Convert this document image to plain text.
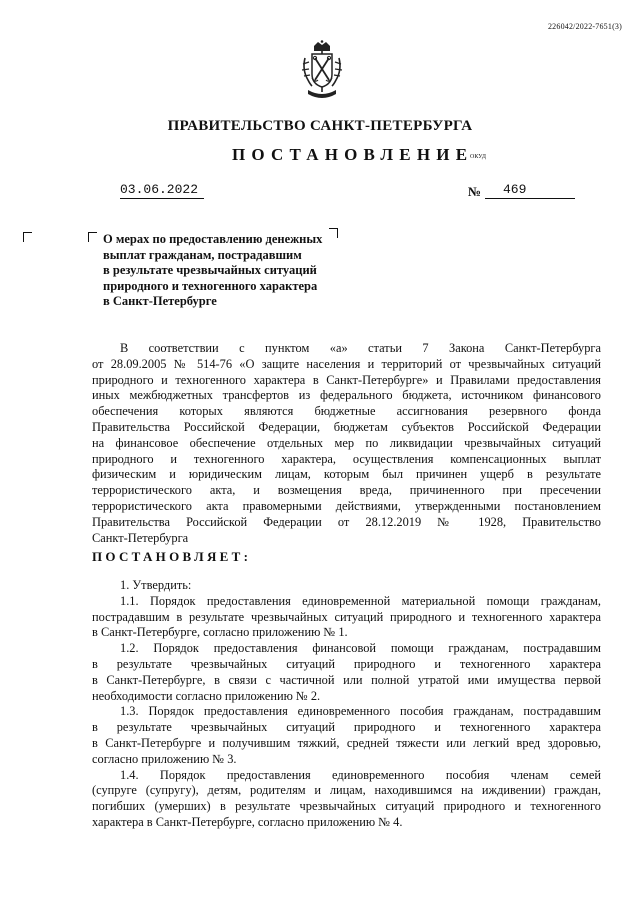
226042/2022-7651(3)
ПРАВИТЕЛЬСТВО САНКТ-ПЕТЕРБУРГА
ПОСТАНОВЛЕНИЕ
ОКУД
03.06.2022	№	469
О мерах по предоставлению денежных
выплат гражданам, пострадавшим
в результате чрезвычайных ситуаций
природного и техногенного характера
в Санкт-Петербурге
В соответствии с пунктом «а» статьи 7 Закона Санкт-Петербурга
от 28.09.2005 № 514-76 «О защите населения и территорий от чрезвычайных ситуаций
природного и техногенного характера в Санкт-Петербурге» и Правилами предоставления
иных межбюджетных трансфертов из федерального бюджета, источником финансового
обеспечения которых являются бюджетные ассигнования резервного фонда
Правительства Российской Федерации, бюджетам субъектов Российской Федерации
на финансовое обеспечение отдельных мер по ликвидации чрезвычайных ситуаций
природного и техногенного характера, осуществления компенсационных выплат
физическим и юридическим лицам, которым был причинен ущерб в результате
террористического акта, и возмещения вреда, причиненного при пресечении
террористического акта правомерными действиями, утвержденными постановлением
Правительства Российской Федерации от 28.12.2019 № 1928, Правительство
Санкт-Петербурга
ПОСТАНОВЛЯЕТ:
1. Утвердить:
1.1. Порядок предоставления единовременной материальной помощи гражданам,
пострадавшим в результате чрезвычайных ситуаций природного и техногенного характера
в Санкт-Петербурге, согласно приложению № 1.
1.2. Порядок предоставления финансовой помощи гражданам, пострадавшим
в результате чрезвычайных ситуаций природного и техногенного характера
в Санкт-Петербурге, в связи с частичной или полной утратой ими имущества первой
необходимости согласно приложению № 2.
1.3. Порядок предоставления единовременного пособия гражданам, пострадавшим
в результате чрезвычайных ситуаций природного и техногенного характера
в Санкт-Петербурге и получившим тяжкий, средней тяжести или легкий вред здоровью,
согласно приложению № 3.
1.4. Порядок предоставления единовременного пособия членам семей
(супруге (супругу), детям, родителям и лицам, находившимся на иждивении) граждан,
погибших (умерших) в результате чрезвычайных ситуаций природного и техногенного
характера в Санкт-Петербурге, согласно приложению № 4.
